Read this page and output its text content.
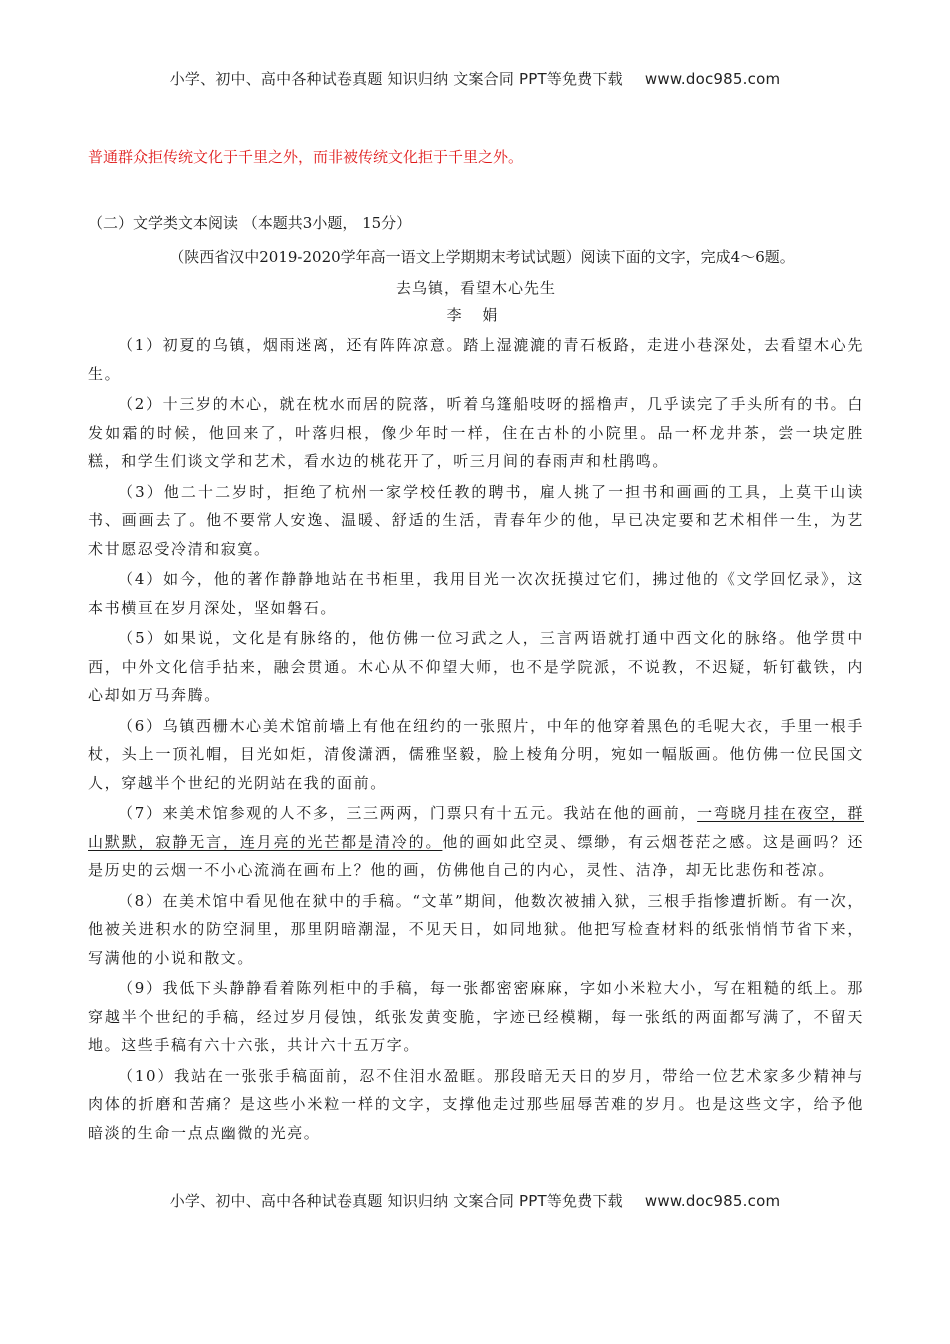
小学、初中、高中各种试卷真题 知识归纳 文案合同 PPT等免费下载 www.doc985.com

普通群众拒传统文化于千里之外，而非被传统文化拒于千里之外。

（二）文学类文本阅读 （本题共3小题， 15分）

（陕西省汉中2019-2020学年高一语文上学期期末考试试题）阅读下面的文字，完成4～6题。

去乌镇，看望木心先生

李 娟

（1）初夏的乌镇，烟雨迷离，还有阵阵凉意。踏上湿漉漉的青石板路，走进小巷深处，去看望木心先生。

（2）十三岁的木心，就在枕水而居的院落，听着乌篷船吱呀的摇橹声，几乎读完了手头所有的书。白发如霜的时候，他回来了，叶落归根，像少年时一样，住在古朴的小院里。品一杯龙井茶，尝一块定胜糕，和学生们谈文学和艺术，看水边的桃花开了，听三月间的春雨声和杜鹃鸣。

（3）他二十二岁时，拒绝了杭州一家学校任教的聘书，雇人挑了一担书和画画的工具，上莫干山读书、画画去了。他不要常人安逸、温暖、舒适的生活，青春年少的他，早已决定要和艺术相伴一生，为艺术甘愿忍受冷清和寂寞。

（4）如今，他的著作静静地站在书柜里，我用目光一次次抚摸过它们，拂过他的《文学回忆录》，这本书横亘在岁月深处，坚如磐石。

（5）如果说，文化是有脉络的，他仿佛一位习武之人，三言两语就打通中西文化的脉络。他学贯中西，中外文化信手拈来，融会贯通。木心从不仰望大师，也不是学院派，不说教，不迟疑，斩钉截铁，内心却如万马奔腾。

（6）乌镇西栅木心美术馆前墙上有他在纽约的一张照片，中年的他穿着黑色的毛呢大衣，手里一根手杖，头上一顶礼帽，目光如炬，清俊潇洒，儒雅坚毅，脸上棱角分明，宛如一幅版画。他仿佛一位民国文人，穿越半个世纪的光阴站在我的面前。

（7）来美术馆参观的人不多，三三两两，门票只有十五元。我站在他的画前，一弯晓月挂在夜空，群山默默，寂静无言，连月亮的光芒都是清冷的。他的画如此空灵、缥缈，有云烟苍茫之感。这是画吗？还是历史的云烟一不小心流淌在画布上？他的画，仿佛他自己的内心，灵性、洁净，却无比悲伤和苍凉。

（8）在美术馆中看见他在狱中的手稿。“文革”期间，他数次被捕入狱，三根手指惨遭折断。有一次，他被关进积水的防空洞里，那里阴暗潮湿，不见天日，如同地狱。他把写检查材料的纸张悄悄节省下来，写满他的小说和散文。

（9）我低下头静静看着陈列柜中的手稿，每一张都密密麻麻，字如小米粒大小，写在粗糙的纸上。那穿越半个世纪的手稿，经过岁月侵蚀，纸张发黄变脆，字迹已经模糊，每一张纸的两面都写满了，不留天地。这些手稿有六十六张，共计六十五万字。

（10）我站在一张张手稿面前，忍不住泪水盈眶。那段暗无天日的岁月，带给一位艺术家多少精神与肉体的折磨和苦痛？是这些小米粒一样的文字，支撑他走过那些屈辱苦难的岁月。也是这些文字，给予他暗淡的生命一点点幽微的光亮。

小学、初中、高中各种试卷真题 知识归纳 文案合同 PPT等免费下载 www.doc985.com
